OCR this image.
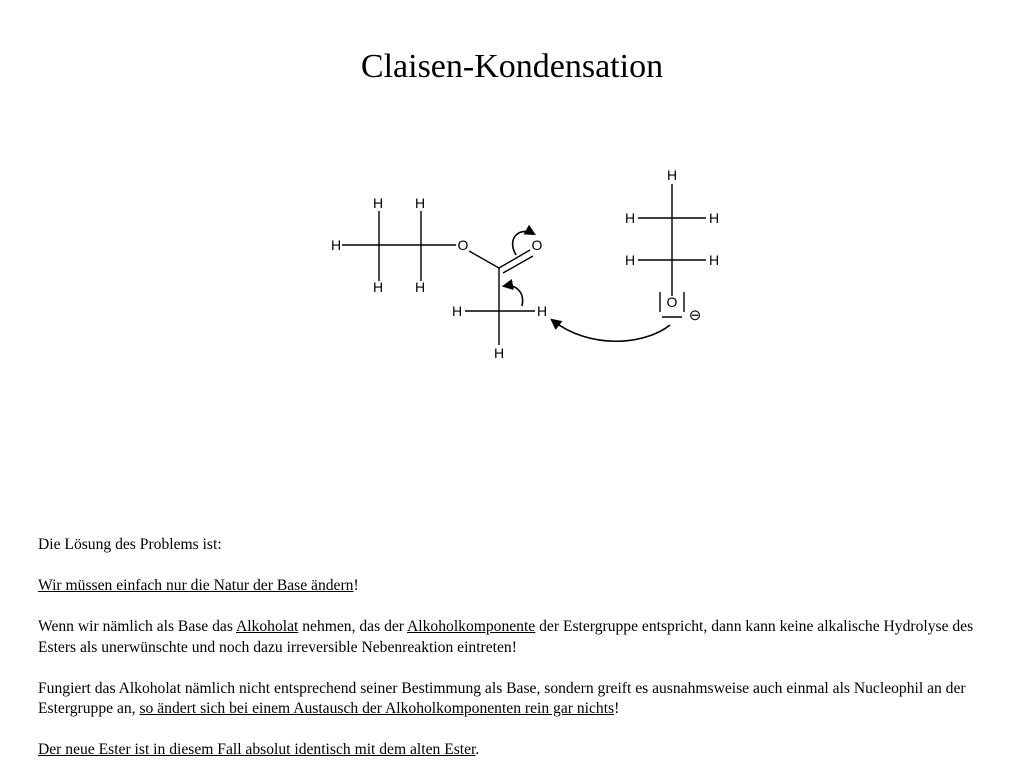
Claisen-Kondensation
H H
H	O	O
H H
H	H
H
H
H	H
H	H
O
⊖

Die Lösung des Problems ist:

Wir müssen einfach nur die Natur der Base ändern!

Wenn wir nämlich als Base das Alkoholat nehmen, das der Alkoholkomponente der Estergruppe entspricht, dann kann keine alkalische Hydrolyse des Esters als unerwünschte und noch dazu irreversible Nebenreaktion eintreten!

Fungiert das Alkoholat nämlich nicht entsprechend seiner Bestimmung als Base, sondern greift es ausnahmsweise auch einmal als Nucleophil an der Estergruppe an, so ändert sich bei einem Austausch der Alkoholkomponenten rein gar nichts!

Der neue Ester ist in diesem Fall absolut identisch mit dem alten Ester.
